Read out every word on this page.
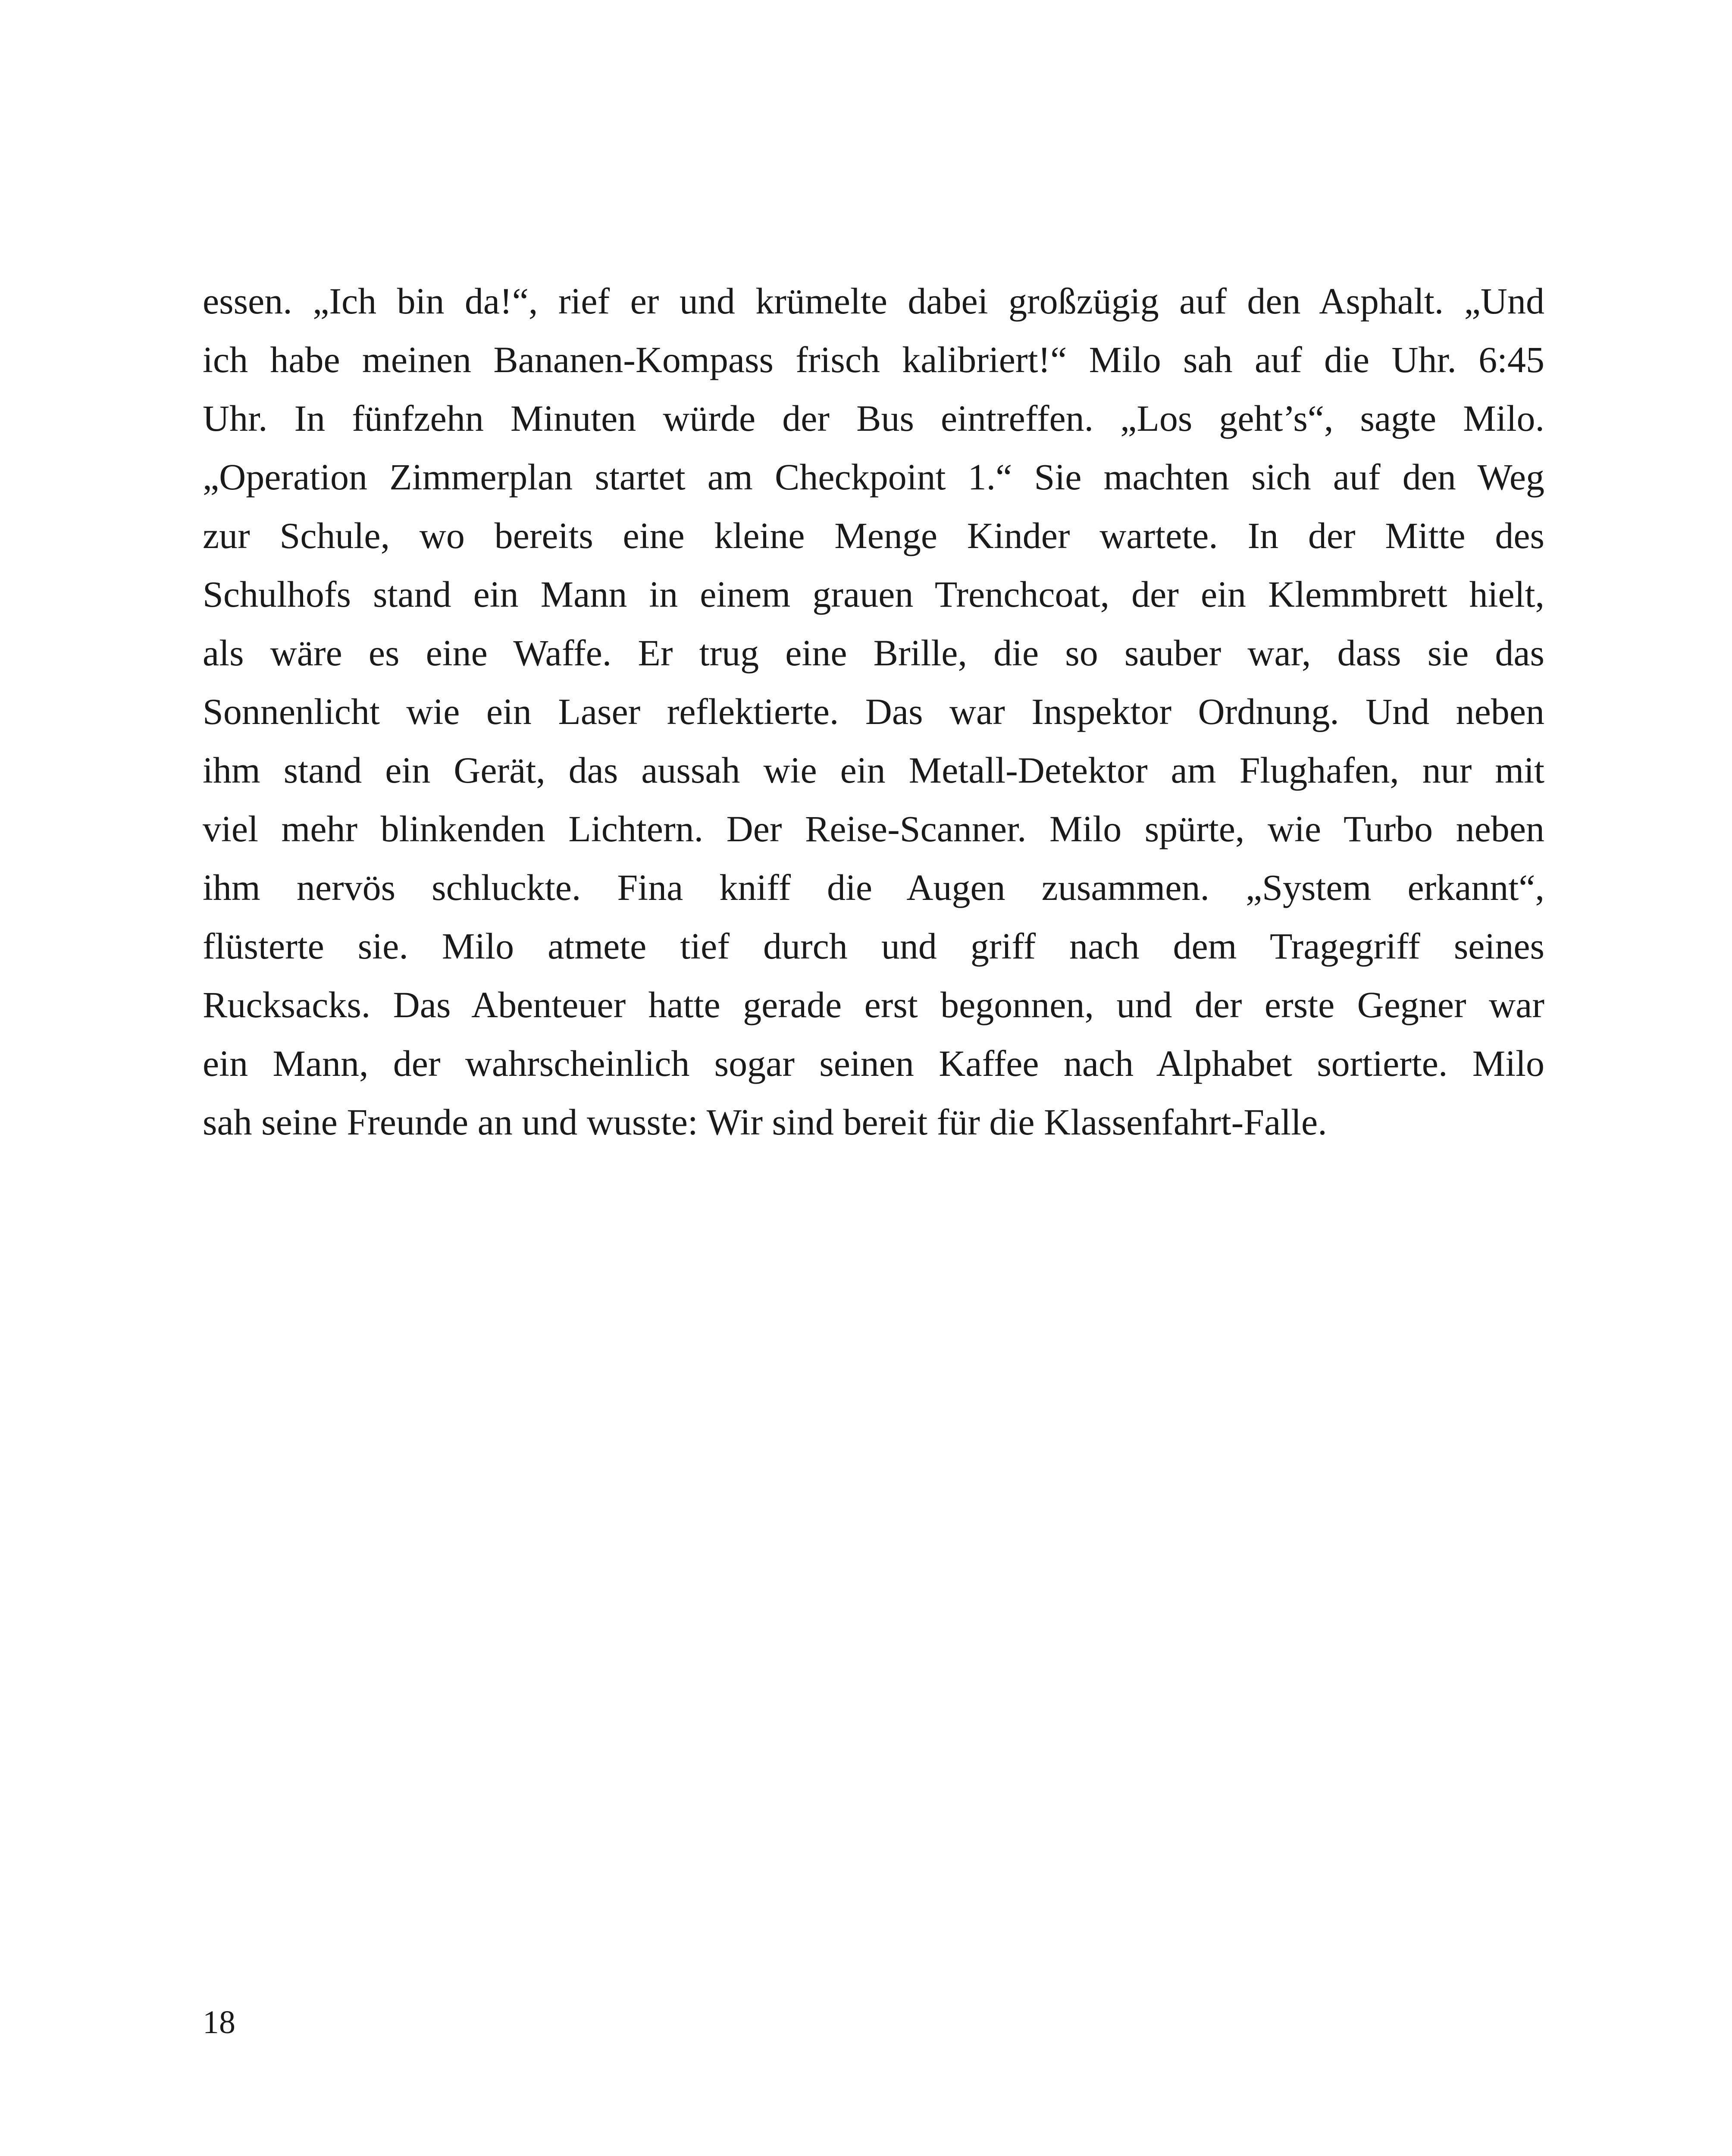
essen. „Ich bin da!“, rief er und krümelte dabei großzügig auf den Asphalt. „Und
ich habe meinen Bananen-Kompass frisch kalibriert!“ Milo sah auf die Uhr. 6:45
Uhr. In fünfzehn Minuten würde der Bus eintreffen. „Los geht’s“, sagte Milo.
„Operation Zimmerplan startet am Checkpoint 1.“ Sie machten sich auf den Weg
zur Schule, wo bereits eine kleine Menge Kinder wartete. In der Mitte des
Schulhofs stand ein Mann in einem grauen Trenchcoat, der ein Klemmbrett hielt,
als wäre es eine Waffe. Er trug eine Brille, die so sauber war, dass sie das
Sonnenlicht wie ein Laser reflektierte. Das war Inspektor Ordnung. Und neben
ihm stand ein Gerät, das aussah wie ein Metall-Detektor am Flughafen, nur mit
viel mehr blinkenden Lichtern. Der Reise-Scanner. Milo spürte, wie Turbo neben
ihm nervös schluckte. Fina kniff die Augen zusammen. „System erkannt“,
flüsterte sie. Milo atmete tief durch und griff nach dem Tragegriff seines
Rucksacks. Das Abenteuer hatte gerade erst begonnen, und der erste Gegner war
ein Mann, der wahrscheinlich sogar seinen Kaffee nach Alphabet sortierte. Milo
sah seine Freunde an und wusste: Wir sind bereit für die Klassenfahrt-Falle.
18
